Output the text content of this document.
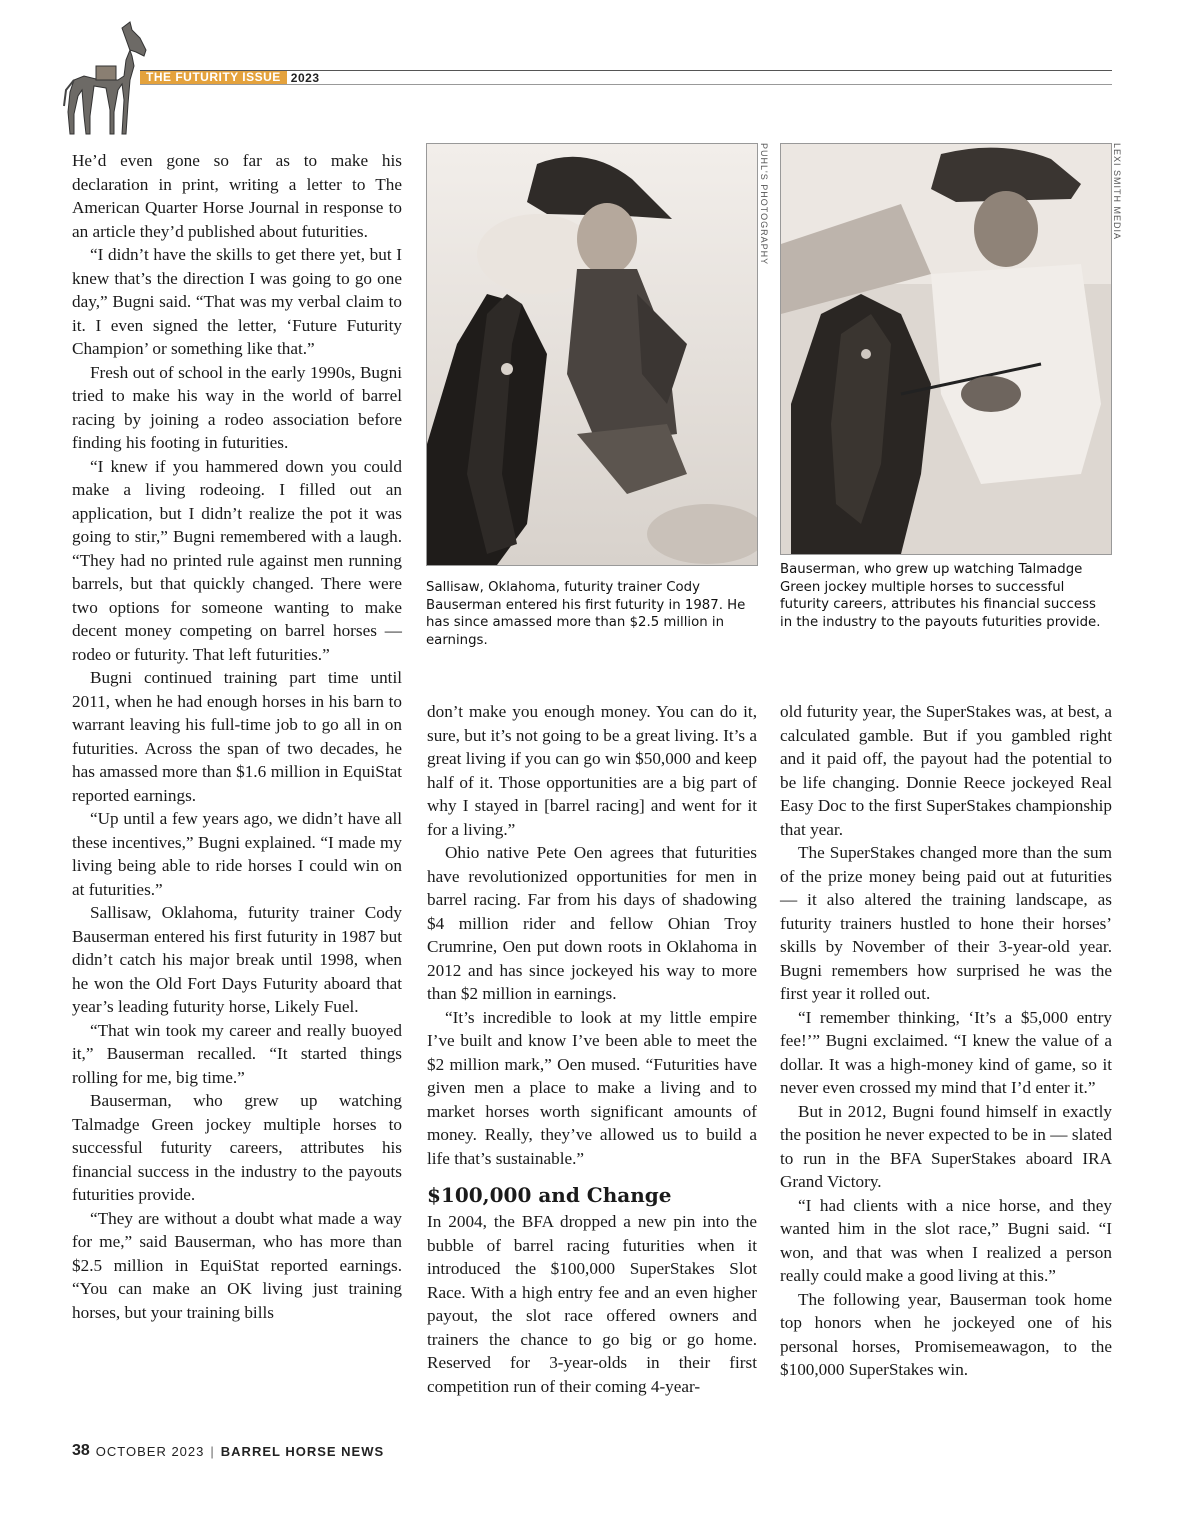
THE FUTURITY ISSUE 2023

He’d even gone so far as to make his declaration in print, writing a letter to The American Quarter Horse Journal in response to an article they’d published about futurities.

“I didn’t have the skills to get there yet, but I knew that’s the direction I was going to go one day,” Bugni said. “That was my verbal claim to it. I even signed the letter, ‘Future Futurity Champion’ or something like that.”

Fresh out of school in the early 1990s, Bugni tried to make his way in the world of barrel racing by joining a rodeo association before finding his footing in futurities.

“I knew if you hammered down you could make a living rodeoing. I filled out an application, but I didn’t realize the pot it was going to stir,” Bugni remembered with a laugh. “They had no printed rule against men running barrels, but that quickly changed. There were two options for someone wanting to make decent money competing on barrel horses — rodeo or futurity. That left futurities.”

Bugni continued training part time until 2011, when he had enough horses in his barn to warrant leaving his full-time job to go all in on futurities. Across the span of two decades, he has amassed more than $1.6 million in EquiStat reported earnings.

“Up until a few years ago, we didn’t have all these incentives,” Bugni explained. “I made my living being able to ride horses I could win on at futurities.”

Sallisaw, Oklahoma, futurity trainer Cody Bauserman entered his first futurity in 1987 but didn’t catch his major break until 1998, when he won the Old Fort Days Futurity aboard that year’s leading futurity horse, Likely Fuel.

“That win took my career and really buoyed it,” Bauserman recalled. “It started things rolling for me, big time.”

Bauserman, who grew up watching Talmadge Green jockey multiple horses to successful futurity careers, attributes his financial success in the industry to the payouts futurities provide.

“They are without a doubt what made a way for me,” said Bauserman, who has more than $2.5 million in EquiStat reported earnings. “You can make an OK living just training horses, but your training bills

PUHL'S PHOTOGRAPHY
Sallisaw, Oklahoma, futurity trainer Cody Bauserman entered his first futurity in 1987. He has since amassed more than $2.5 million in earnings.
LEXI SMITH MEDIA
Bauserman, who grew up watching Talmadge Green jockey multiple horses to successful futurity careers, attributes his financial success in the industry to the payouts futurities provide.

don’t make you enough money. You can do it, sure, but it’s not going to be a great living. It’s a great living if you can go win $50,000 and keep half of it. Those opportunities are a big part of why I stayed in [barrel racing] and went for it for a living.”

Ohio native Pete Oen agrees that futurities have revolutionized opportunities for men in barrel racing. Far from his days of shadowing $4 million rider and fellow Ohian Troy Crumrine, Oen put down roots in Oklahoma in 2012 and has since jockeyed his way to more than $2 million in earnings.

“It’s incredible to look at my little empire I’ve built and know I’ve been able to meet the $2 million mark,” Oen mused. “Futurities have given men a place to make a living and to market horses worth significant amounts of money. Really, they’ve allowed us to build a life that’s sustainable.”

$100,000 and Change

In 2004, the BFA dropped a new pin into the bubble of barrel racing futurities when it introduced the $100,000 SuperStakes Slot Race. With a high entry fee and an even higher payout, the slot race offered owners and trainers the chance to go big or go home. Reserved for 3-year-olds in their first competition run of their coming 4-year-

old futurity year, the SuperStakes was, at best, a calculated gamble. But if you gambled right and it paid off, the payout had the potential to be life changing. Donnie Reece jockeyed Real Easy Doc to the first SuperStakes championship that year.

The SuperStakes changed more than the sum of the prize money being paid out at futurities — it also altered the training landscape, as futurity trainers hustled to hone their horses’ skills by November of their 3-year-old year. Bugni remembers how surprised he was the first year it rolled out.

“I remember thinking, ‘It’s a $5,000 entry fee!’” Bugni exclaimed. “I knew the value of a dollar. It was a high-money kind of game, so it never even crossed my mind that I’d enter it.”

But in 2012, Bugni found himself in exactly the position he never expected to be in — slated to run in the BFA SuperStakes aboard IRA Grand Victory.

“I had clients with a nice horse, and they wanted him in the slot race,” Bugni said. “I won, and that was when I realized a person really could make a good living at this.”

The following year, Bauserman took home top honors when he jockeyed one of his personal horses, Promisemeawagon, to the $100,000 SuperStakes win.

38 OCTOBER 2023 | BARREL HORSE NEWS
